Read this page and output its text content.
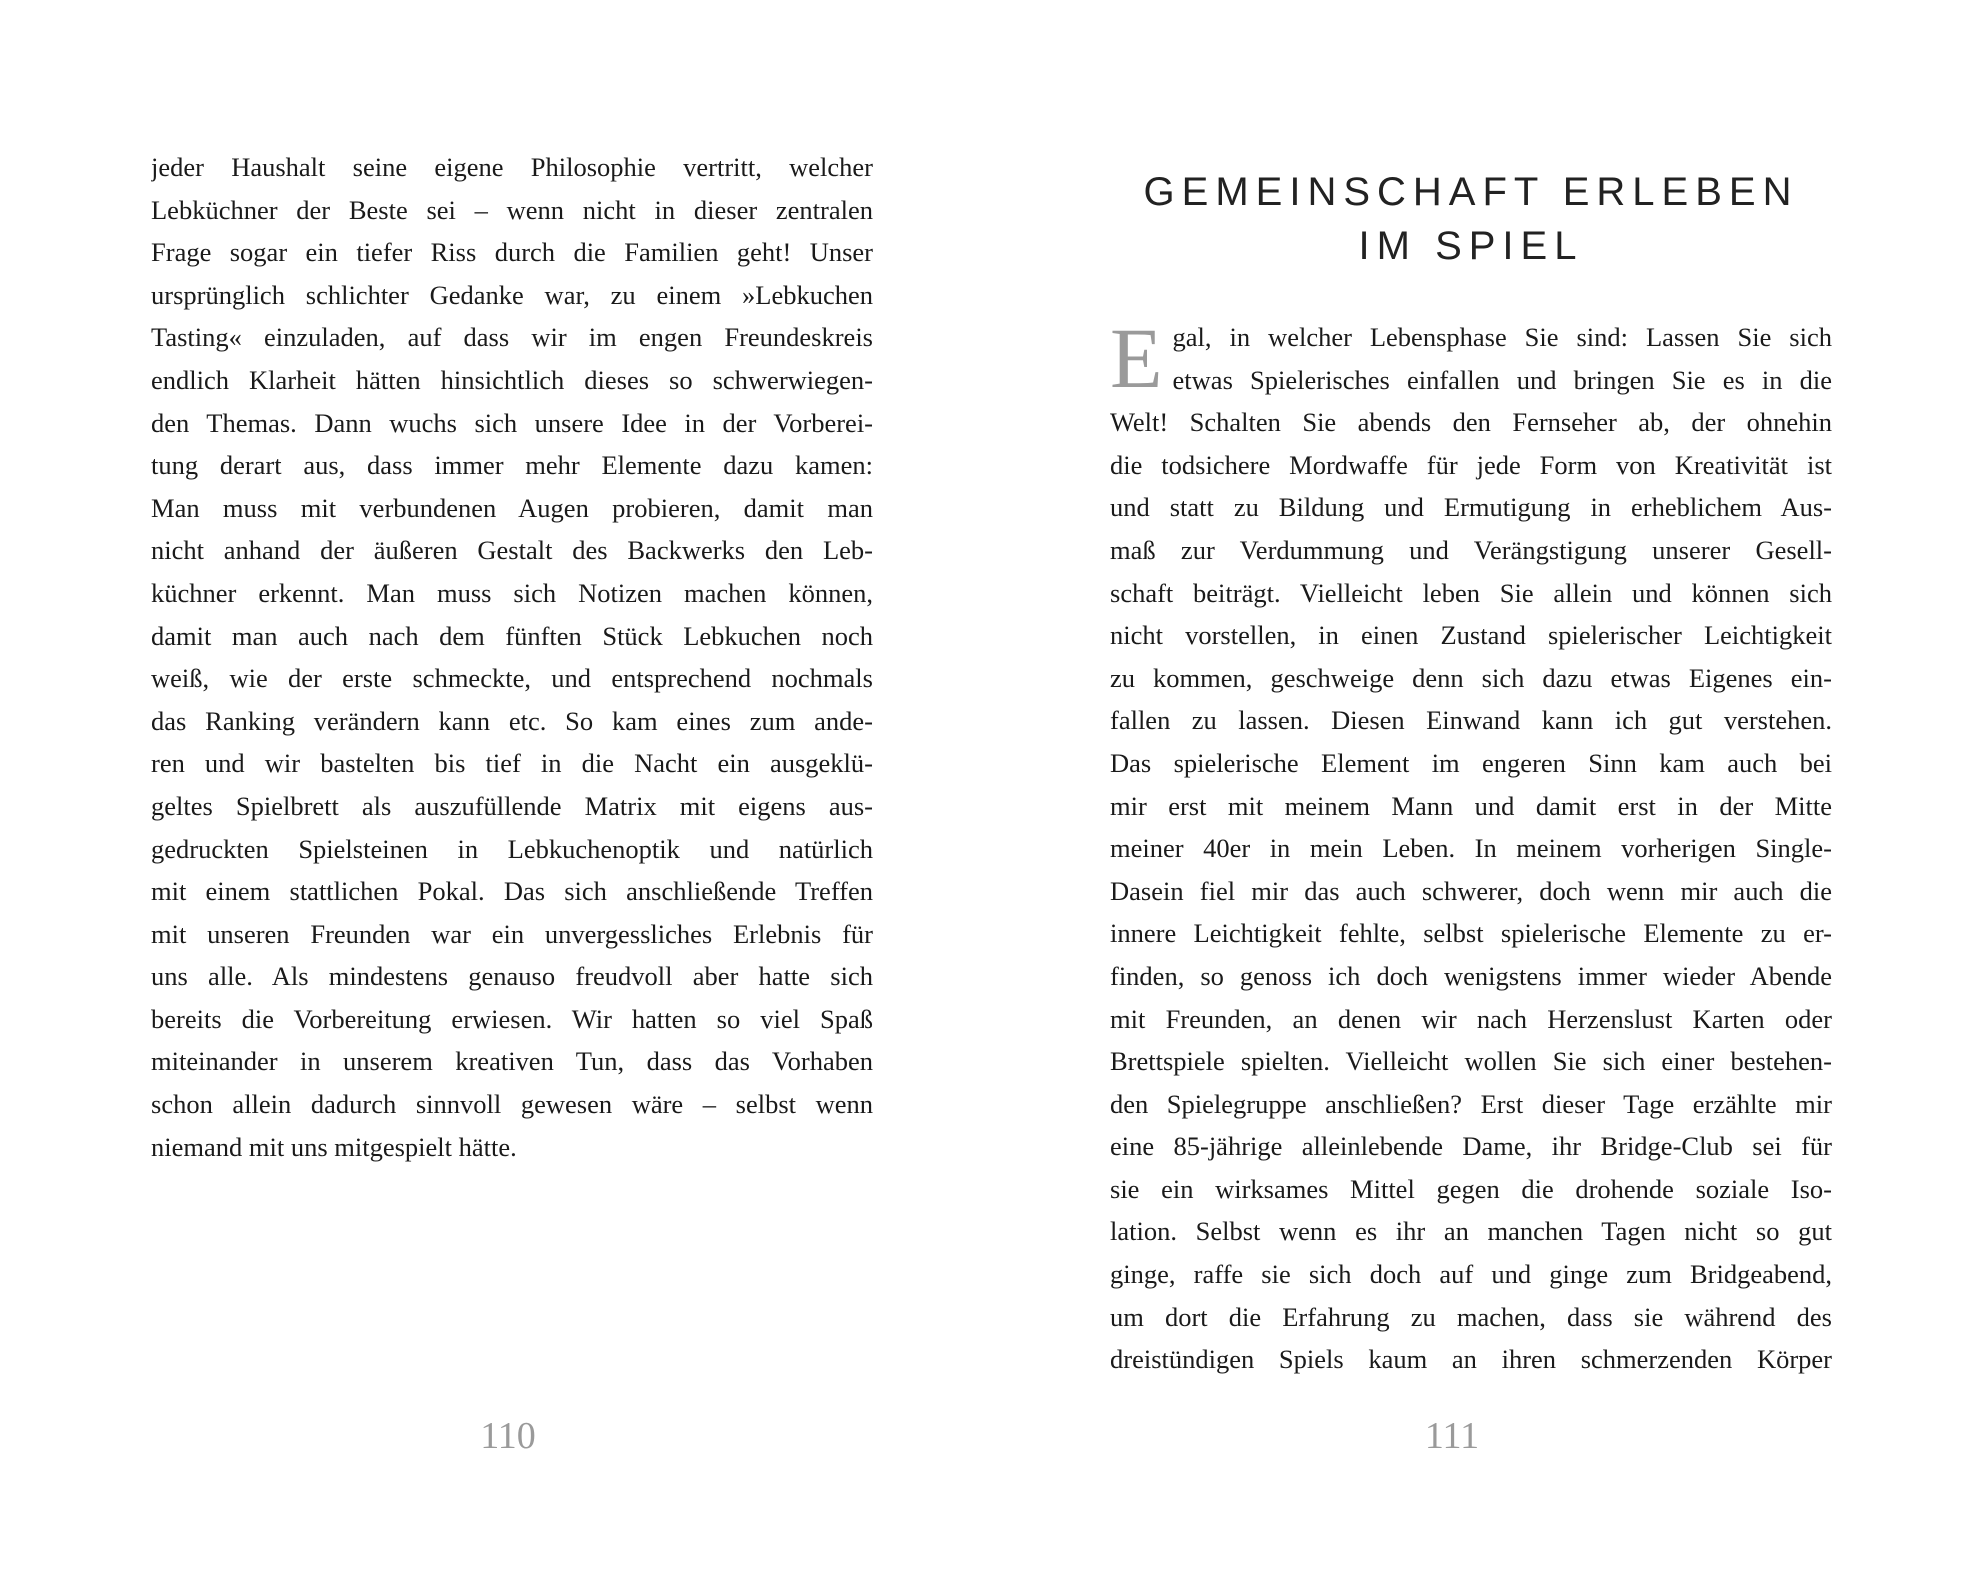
jeder Haushalt seine eigene Philosophie vertritt, welcher
Lebküchner der Beste sei – wenn nicht in dieser zentralen
Frage sogar ein tiefer Riss durch die Familien geht! Unser
ursprünglich schlichter Gedanke war, zu einem »Lebkuchen
Tasting« einzuladen, auf dass wir im engen Freundeskreis
endlich Klarheit hätten hinsichtlich dieses so schwerwiegen-
den Themas. Dann wuchs sich unsere Idee in der Vorberei-
tung derart aus, dass immer mehr Elemente dazu kamen:
Man muss mit verbundenen Augen probieren, damit man
nicht anhand der äußeren Gestalt des Backwerks den Leb-
küchner erkennt. Man muss sich Notizen machen können,
damit man auch nach dem fünften Stück Lebkuchen noch
weiß, wie der erste schmeckte, und entsprechend nochmals
das Ranking verändern kann etc. So kam eines zum ande-
ren und wir bastelten bis tief in die Nacht ein ausgeklü-
geltes Spielbrett als auszufüllende Matrix mit eigens aus-
gedruckten Spielsteinen in Lebkuchenoptik und natürlich
mit einem stattlichen Pokal. Das sich anschließende Treffen
mit unseren Freunden war ein unvergessliches Erlebnis für
uns alle. Als mindestens genauso freudvoll aber hatte sich
bereits die Vorbereitung erwiesen. Wir hatten so viel Spaß
miteinander in unserem kreativen Tun, dass das Vorhaben
schon allein dadurch sinnvoll gewesen wäre – selbst wenn
niemand mit uns mitgespielt hätte.
110
GEMEINSCHAFT ERLEBEN
IM SPIEL
E gal, in welcher Lebensphase Sie sind: Lassen Sie sich
etwas Spielerisches einfallen und bringen Sie es in die
Welt! Schalten Sie abends den Fernseher ab, der ohnehin
die todsichere Mordwaffe für jede Form von Kreativität ist
und statt zu Bildung und Ermutigung in erheblichem Aus-
maß zur Verdummung und Verängstigung unserer Gesell-
schaft beiträgt. Vielleicht leben Sie allein und können sich
nicht vorstellen, in einen Zustand spielerischer Leichtigkeit
zu kommen, geschweige denn sich dazu etwas Eigenes ein-
fallen zu lassen. Diesen Einwand kann ich gut verstehen.
Das spielerische Element im engeren Sinn kam auch bei
mir erst mit meinem Mann und damit erst in der Mitte
meiner 40er in mein Leben. In meinem vorherigen Single-
Dasein fiel mir das auch schwerer, doch wenn mir auch die
innere Leichtigkeit fehlte, selbst spielerische Elemente zu er-
finden, so genoss ich doch wenigstens immer wieder Abende
mit Freunden, an denen wir nach Herzenslust Karten oder
Brettspiele spielten. Vielleicht wollen Sie sich einer bestehen-
den Spielegruppe anschließen? Erst dieser Tage erzählte mir
eine 85-jährige alleinlebende Dame, ihr Bridge-Club sei für
sie ein wirksames Mittel gegen die drohende soziale Iso-
lation. Selbst wenn es ihr an manchen Tagen nicht so gut
ginge, raffe sie sich doch auf und ginge zum Bridgeabend,
um dort die Erfahrung zu machen, dass sie während des
dreistündigen Spiels kaum an ihren schmerzenden Körper
111
